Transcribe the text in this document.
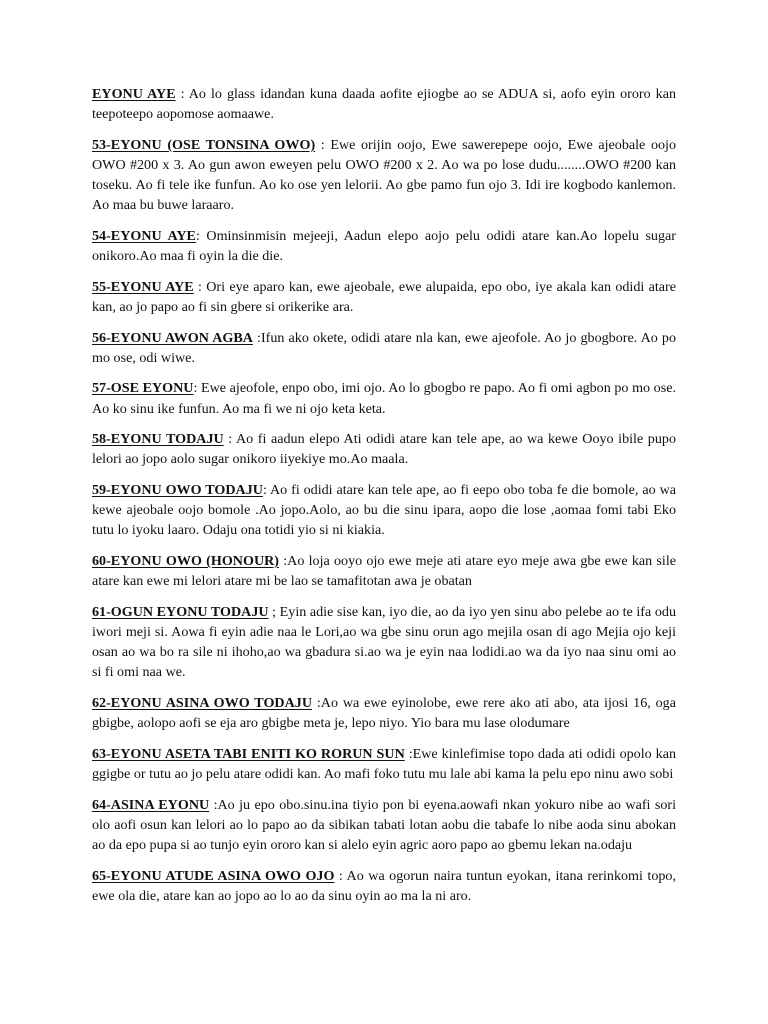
EYONU AYE : Ao lo glass idandan kuna daada aofite ejiogbe ao se ADUA si, aofo eyin ororo kan teepoteepo aopomose aomaawe.

53-EYONU (OSE TONSINA OWO) : Ewe orijin oojo, Ewe sawerepepe oojo, Ewe ajeobale oojo OWO #200 x 3. Ao gun awon eweyen pelu OWO #200 x 2. Ao wa po lose dudu........OWO #200 kan toseku. Ao fi tele ike funfun. Ao ko ose yen lelorii. Ao gbe pamo fun ojo 3. Idi ire kogbodo kanlemon. Ao maa bu buwe laraaro.

54-EYONU AYE: Ominsinmisin mejeeji, Aadun elepo aojo pelu odidi atare kan.Ao lopelu sugar onikoro.Ao maa fi oyin la die die.

55-EYONU AYE : Ori eye aparo kan, ewe ajeobale, ewe alupaida, epo obo, iye akala kan odidi atare kan, ao jo papo ao fi sin gbere si orikerike ara.

56-EYONU AWON AGBA :Ifun ako okete, odidi atare nla kan, ewe ajeofole. Ao jo gbogbore. Ao po mo ose, odi wiwe.

57-OSE EYONU: Ewe ajeofole, enpo obo, imi ojo. Ao lo gbogbo re papo. Ao fi omi agbon po mo ose. Ao ko sinu ike funfun. Ao ma fi we ni ojo keta keta.

58-EYONU TODAJU : Ao fi aadun elepo Ati odidi atare kan tele ape, ao wa kewe Ooyo ibile pupo lelori ao jopo aolo sugar onikoro iiyekiye mo.Ao maala.

59-EYONU OWO TODAJU: Ao fi odidi atare kan tele ape, ao fi eepo obo toba fe die bomole, ao wa kewe ajeobale oojo bomole .Ao jopo.Aolo, ao bu die sinu ipara, aopo die lose ,aomaa fomi tabi Eko tutu lo iyoku laaro. Odaju ona totidi yio si ni kiakia.

60-EYONU OWO (HONOUR) :Ao loja ooyo ojo ewe meje ati atare eyo meje awa gbe ewe kan sile atare kan ewe mi lelori atare mi be lao se tamafitotan awa je obatan

61-OGUN EYONU TODAJU ; Eyin adie sise kan, iyo die, ao da iyo yen sinu abo pelebe ao te ifa odu iwori meji si. Aowa fi eyin adie naa le Lori,ao wa gbe sinu orun ago mejila osan di ago Mejia ojo keji osan ao wa bo ra sile ni ihoho,ao wa gbadura si.ao wa je eyin naa lodidi.ao wa da iyo naa sinu omi ao si fi omi naa we.

62-EYONU ASINA OWO TODAJU :Ao wa ewe eyinolobe, ewe rere ako ati abo, ata ijosi 16, oga gbigbe, aolopo aofi se eja aro gbigbe meta je, lepo niyo. Yio bara mu lase olodumare

63-EYONU ASETA TABI ENITI KO RORUN SUN :Ewe kinlefimise topo dada ati odidi opolo kan ggigbe or tutu ao jo pelu atare odidi kan. Ao mafi foko tutu mu lale abi kama la pelu epo ninu awo sobi

64-ASINA EYONU :Ao ju epo obo.sinu.ina tiyio pon bi eyena.aowafi nkan yokuro nibe ao wafi sori olo aofi osun kan lelori ao lo papo ao da sibikan tabati lotan aobu die tabafe lo nibe aoda sinu abokan ao da epo pupa si ao tunjo eyin ororo kan si alelo eyin agric aoro papo ao gbemu lekan na.odaju

65-EYONU ATUDE ASINA OWO OJO : Ao wa ogorun naira tuntun eyokan, itana rerinkomi topo, ewe ola die, atare kan ao jopo ao lo ao da sinu oyin ao ma la ni aro.
